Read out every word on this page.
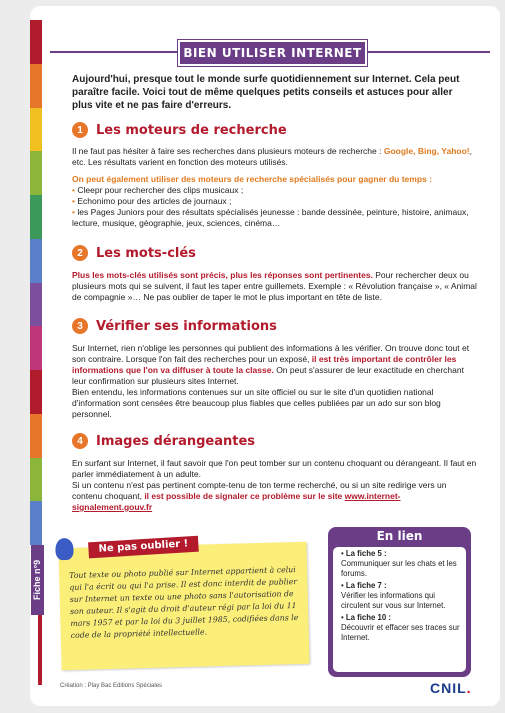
Fiche n°9
BIEN UTILISER INTERNET
Aujourd'hui, presque tout le monde surfe quotidiennement sur Internet. Cela peut paraître facile. Voici tout de même quelques petits conseils et astuces pour aller plus vite et ne pas faire d'erreurs.
1	Les moteurs de recherche
Il ne faut pas hésiter à faire ses recherches dans plusieurs moteurs de recherche : Google, Bing, Yahoo!, etc. Les résultats varient en fonction des moteurs utilisés.
On peut également utiliser des moteurs de recherche spécialisés pour gagner du temps :
• Cleepr pour rechercher des clips musicaux ;
• Echonimo pour des articles de journaux ;
• les Pages Juniors pour des résultats spécialisés jeunesse : bande dessinée, peinture, histoire, animaux, lecture, musique, géographie, jeux, sciences, cinéma…
2	Les mots-clés
Plus les mots-clés utilisés sont précis, plus les réponses sont pertinentes. Pour rechercher deux ou plusieurs mots qui se suivent, il faut les taper entre guillemets. Exemple : « Révolution française », « Animal de compagnie »… Ne pas oublier de taper le mot le plus important en tête de liste.
3	Vérifier ses informations
Sur Internet, rien n'oblige les personnes qui publient des informations à les vérifier. On trouve donc tout et son contraire. Lorsque l'on fait des recherches pour un exposé, il est très important de contrôler les informations que l'on va diffuser à toute la classe. On peut s'assurer de leur exactitude en cherchant leur confirmation sur plusieurs sites Internet.
Bien entendu, les informations contenues sur un site officiel ou sur le site d'un quotidien national d'information sont censées être beaucoup plus fiables que celles publiées par un ado sur son blog personnel.
4	Images dérangeantes
En surfant sur Internet, il faut savoir que l'on peut tomber sur un contenu choquant ou dérangeant. Il faut en parler immédiatement à un adulte.
Si un contenu n'est pas pertinent compte-tenu de ton terme recherché, ou si un site redirige vers un contenu choquant, il est possible de signaler ce problème sur le site www.internet-signalement.gouv.fr
Ne pas oublier !
Tout texte ou photo publié sur Internet appartient à celui qui l'a écrit ou qui l'a prise. Il est donc interdit de publier sur Internet un texte ou une photo sans l'autorisation de son auteur. Il s'agit du droit d'auteur régi par la loi du 11 mars 1957 et par la loi du 3 juillet 1985, codifiées dans le code de la propriété intellectuelle.
En lien
• La fiche 5 :
Communiquer sur les chats et les forums.
• La fiche 7 :
Vérifier les informations qui circulent sur vous sur Internet.
• La fiche 10 :
Découvrir et effacer ses traces sur Internet.
Création : Play Bac Editions Spéciales	CNIL.
